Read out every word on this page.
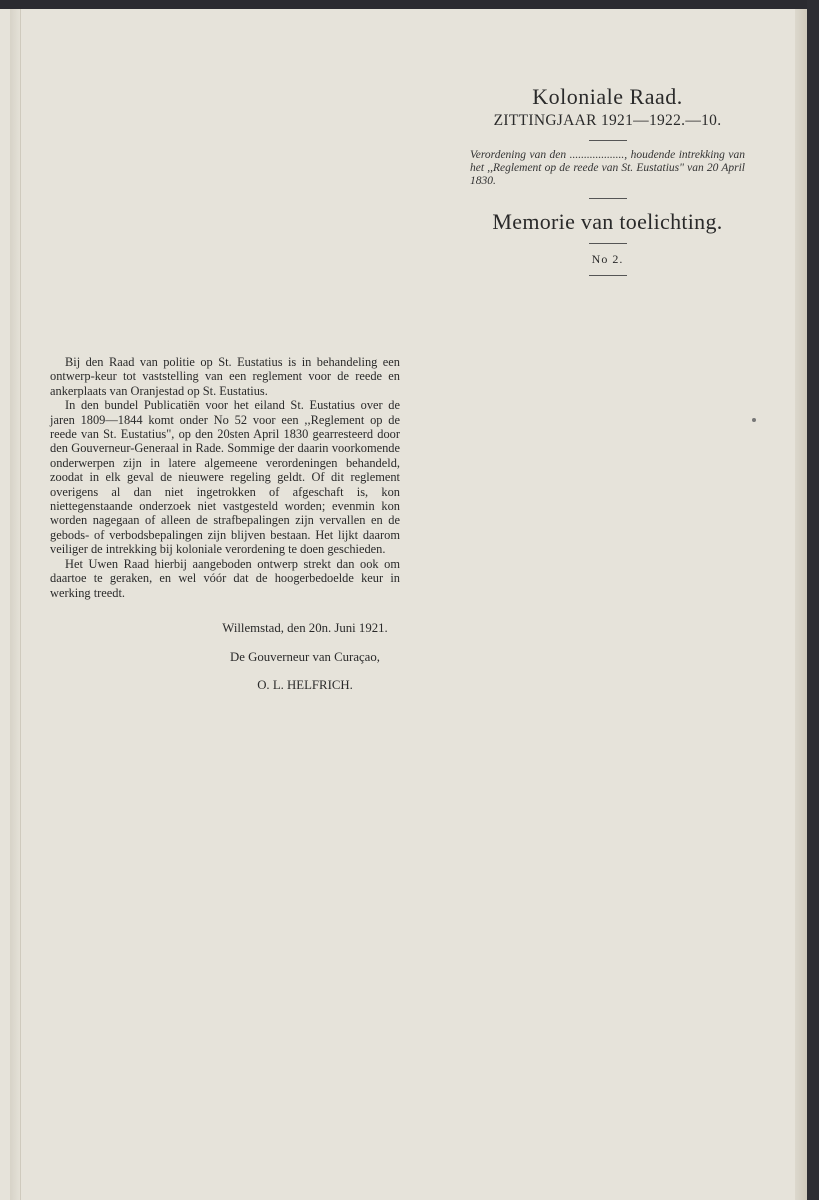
Koloniale Raad.
ZITTINGJAAR 1921—1922.—10.
Verordening van den ..................., houdende intrekking van het ,,Reglement op de reede van St. Eustatius" van 20 April 1830.
Memorie van toelichting.
No 2.

Bij den Raad van politie op St. Eustatius is in behandeling een ontwerp-keur tot vaststelling van een reglement voor de reede en ankerplaats van Oranjestad op St. Eustatius.

In den bundel Publicatiën voor het eiland St. Eustatius over de jaren 1809—1844 komt onder No 52 voor een ,,Reglement op de reede van St. Eustatius", op den 20sten April 1830 gearresteerd door den Gouverneur-Generaal in Rade. Sommige der daarin voorkomende onderwerpen zijn in latere algemeene verordeningen behandeld, zoodat in elk geval de nieuwere regeling geldt. Of dit reglement overigens al dan niet ingetrokken of afgeschaft is, kon niettegenstaande onderzoek niet vastgesteld worden; evenmin kon worden nagegaan of alleen de strafbepalingen zijn vervallen en de gebods- of verbodsbepalingen zijn blijven bestaan. Het lijkt daarom veiliger de intrekking bij koloniale verordening te doen geschieden.

Het Uwen Raad hierbij aangeboden ontwerp strekt dan ook om daartoe te geraken, en wel vóór dat de hoogerbedoelde keur in werking treedt.

Willemstad, den 20n. Juni 1921.
De Gouverneur van Curaçao,
O. L. HELFRICH.
